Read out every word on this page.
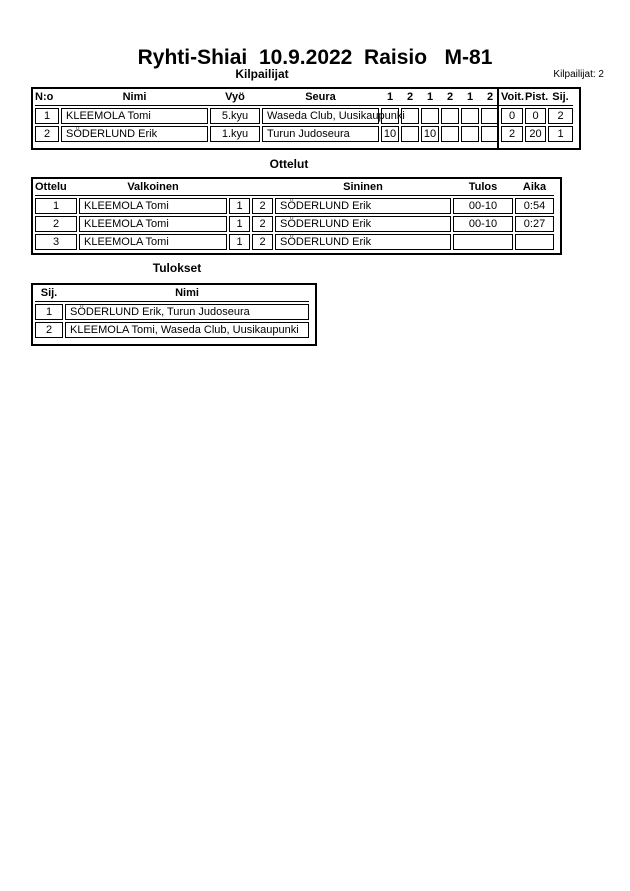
Ryhti-Shiai  10.9.2022  Raisio   M-81
Kilpailijat	Kilpailijat: 2
N:o	Nimi	Vyö	Seura	1	2	1	2	1	2	Voit.	Pist.	Sij.

1	KLEEMOLA Tomi	5.kyu	Waseda Club, Uusikaupunki							0	0	2
2	SÖDERLUND Erik	1.kyu	Turun Judoseura	10		10				2	20	1
Ottelut
Ottelu	Valkoinen			Sininen	Tulos	Aika

1	KLEEMOLA Tomi	1	2	SÖDERLUND Erik	00-10	0:54
2	KLEEMOLA Tomi	1	2	SÖDERLUND Erik	00-10	0:27
3	KLEEMOLA Tomi	1	2	SÖDERLUND Erik		
Tulokset
Sij.	Nimi

1	SÖDERLUND Erik, Turun Judoseura
2	KLEEMOLA Tomi, Waseda Club, Uusikaupunki
